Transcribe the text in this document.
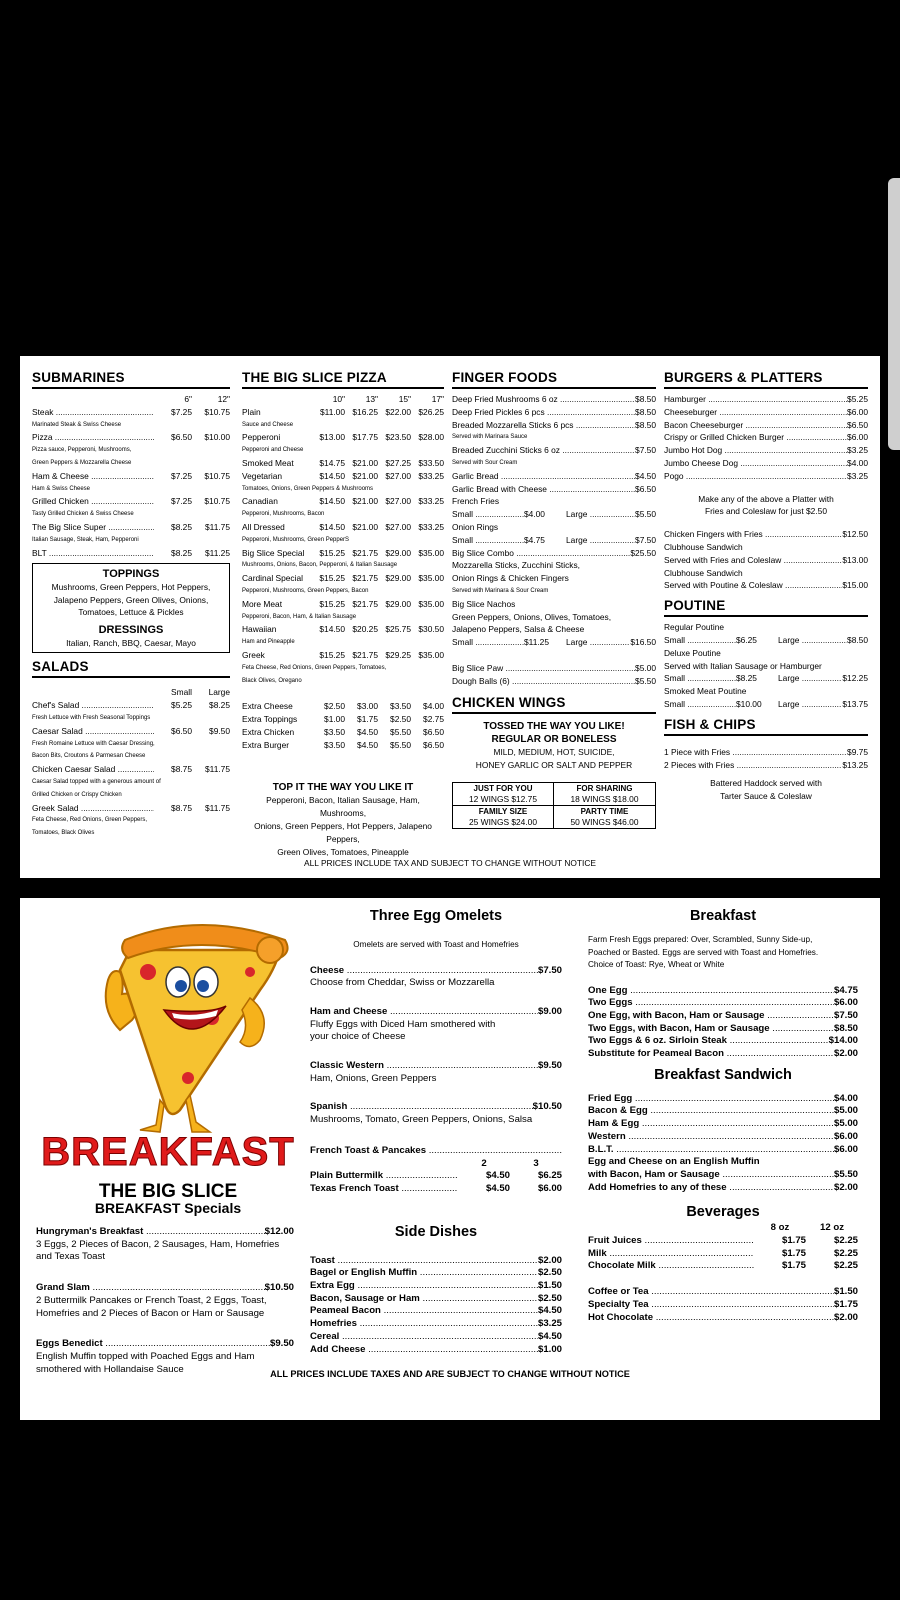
SUBMARINES
6"	12"
Steak .....	$7.25	$10.75
Marinated Steak & Swiss Cheese
Pizza .....	$6.50	$10.00
Pizza sauce, Pepperoni, Mushrooms,
Green Peppers & Mozzarella Cheese
Ham & Cheese .....	$7.25	$10.75
Ham & Swiss Cheese
Grilled Chicken .....	$7.25	$10.75
Tasty Grilled Chicken & Swiss Cheese
The Big Slice Super .....	$8.25	$11.75
Italian Sausage, Steak, Ham, Pepperoni
BLT .....	$8.25	$11.25
TOPPINGS
Mushrooms, Green Peppers, Hot Peppers,
Jalapeno Peppers, Green Olives, Onions,
Tomatoes, Lettuce & Pickles
DRESSINGS
Italian, Ranch, BBQ, Caesar, Mayo
SALADS
Small	Large
Chef's Salad .....	$5.25	$8.25
Fresh Lettuce with Fresh Seasonal Toppings
Caesar Salad .....	$6.50	$9.50
Fresh Romaine Lettuce with Caesar Dressing,
Bacon Bits, Croutons & Parmesan Cheese
Chicken Caesar Salad .....	$8.75	$11.75
Caesar Salad topped with a generous amount of
Grilled Chicken or Crispy Chicken
Greek Salad .....	$8.75	$11.75
Feta Cheese, Red Onions, Green Peppers,
Tomatoes, Black Olives
THE BIG SLICE PIZZA
10"	13"	15"	17"
Plain	$11.00 $16.25 $22.00 $26.25
Sauce and Cheese
Pepperoni	$13.00 $17.75 $23.50 $28.00
Pepperoni and Cheese
Smoked Meat	$14.75 $21.00 $27.25 $33.50
Vegetarian	$14.50 $21.00 $27.00 $33.25
Tomatoes, Onions, Green Peppers & Mushrooms
Canadian	$14.50 $21.00 $27.00 $33.25
Pepperoni, Mushrooms, Bacon
All Dressed	$14.50 $21.00 $27.00 $33.25
Pepperoni, Mushrooms, Green PepperS
Big Slice Special	$15.25 $21.75 $29.00 $35.00
Mushrooms, Onions, Bacon, Pepperoni, & Italian Sausage
Cardinal Special	$15.25 $21.75 $29.00 $35.00
Pepperoni, Mushrooms, Green Peppers, Bacon
More Meat	$15.25 $21.75 $29.00 $35.00
Pepperoni, Bacon, Ham, & Italian Sausage
Hawaiian	$14.50 $20.25 $25.75 $30.50
Ham and Pineapple
Greek	$15.25 $21.75 $29.25 $35.00
Feta Cheese, Red Onions, Green Peppers, Tomatoes,
Black Olives, Oregano
Extra Cheese	$2.50	$3.00	$3.50	$4.00
Extra Toppings	$1.00	$1.75	$2.50	$2.75
Extra Chicken	$3.50	$4.50	$5.50	$6.50
Extra Burger	$3.50	$4.50	$5.50	$6.50
TOP IT THE WAY YOU LIKE IT
Pepperoni, Bacon, Italian Sausage, Ham, Mushrooms,
Onions, Green Peppers, Hot Peppers, Jalapeno Peppers,
Green Olives, Tomatoes, Pineapple
FINGER FOODS
Deep Fried Mushrooms 6 oz .....	$8.50
Deep Fried Pickles 6 pcs .....	$8.50
Breaded Mozzarella Sticks 6 pcs .....	$8.50
Served with Marinara Sauce
Breaded Zucchini Sticks 6 oz .....	$7.50
Served with Sour Cream
Garlic Bread .....	$4.50
Garlic Bread with Cheese .....	$6.50
French Fries
Small .....	$4.00	Large .....	$5.50
Onion Rings
Small .....	$4.75	Large .....	$7.50
Big Slice Combo .....	$25.50
Mozzarella Sticks, Zucchini Sticks,
Onion Rings & Chicken Fingers
Served with Marinara & Sour Cream
Big Slice Nachos
Green Peppers, Onions, Olives, Tomatoes,
Jalapeno Peppers, Salsa & Cheese
Small .....	$11.25 Large .....	$16.50
Big Slice Paw .....	$5.00
Dough Balls (6) .....	$5.50
CHICKEN WINGS
TOSSED THE WAY YOU LIKE!
REGULAR OR BONELESS
MILD, MEDIUM, HOT, SUICIDE,
HONEY GARLIC OR SALT AND PEPPER
JUST FOR YOU	FOR SHARING
12 WINGS $12.75	18 WINGS $18.00
FAMILY SIZE	PARTY TIME
25 WINGS $24.00	50 WINGS $46.00
BURGERS & PLATTERS
Hamburger .....	$5.25
Cheeseburger .....	$6.00
Bacon Cheeseburger .....	$6.50
Crispy or Grilled Chicken Burger .....	$6.00
Jumbo Hot Dog .....	$3.25
Jumbo Cheese Dog .....	$4.00
Pogo .....	$3.25
Make any of the above a Platter with
Fries and Coleslaw for just $2.50
Chicken Fingers with Fries .....	$12.50
Clubhouse Sandwich
Served with Fries and Coleslaw .....	$13.00
Clubhouse Sandwich
Served with Poutine & Coleslaw .....	$15.00
POUTINE
Regular Poutine
Small .....	$6.25	Large .....	$8.50
Deluxe Poutine
Served with Italian Sausage or Hamburger
Small .....	$8.25	Large .....	$12.25
Smoked Meat Poutine
Small .....	$10.00 Large .....	$13.75
FISH & CHIPS
1 Piece with Fries .....	$9.75
2 Pieces with Fries .....	$13.25
Battered Haddock served with
Tarter Sauce & Coleslaw
ALL PRICES INCLUDE TAX AND SUBJECT TO CHANGE WITHOUT NOTICE
BREAKFAST
THE BIG SLICE
BREAKFAST Specials
Hungryman's Breakfast .....	$12.00
3 Eggs, 2 Pieces of Bacon, 2 Sausages, Ham, Homefries
and Texas Toast
Grand Slam .....	$10.50
2 Buttermilk Pancakes or French Toast, 2 Eggs, Toast,
Homefries and 2 Pieces of Bacon or Ham or Sausage
Eggs Benedict .....	$9.50
English Muffin topped with Poached Eggs and Ham
smothered with Hollandaise Sauce
Three Egg Omelets
Omelets are served with Toast and Homefries
Cheese .....	$7.50
Choose from Cheddar, Swiss or Mozzarella
Ham and Cheese .....	$9.00
Fluffy Eggs with Diced Ham smothered with
your choice of Cheese
Classic Western .....	$9.50
Ham, Onions, Green Peppers
Spanish .....	$10.50
Mushrooms, Tomato, Green Peppers, Onions, Salsa
French Toast & Pancakes .....
2	3
Plain Buttermilk .....	$4.50	$6.25
Texas French Toast .....	$4.50	$6.00
Side Dishes
Toast .....	$2.00
Bagel or English Muffin .....	$2.50
Extra Egg .....	$1.50
Bacon, Sausage or Ham .....	$2.50
Peameal Bacon .....	$4.50
Homefries .....	$3.25
Cereal .....	$4.50
Add Cheese .....	$1.00
Breakfast
Farm Fresh Eggs prepared: Over, Scrambled, Sunny Side-up,
Poached or Basted. Eggs are served with Toast and Homefries.
Choice of Toast: Rye, Wheat or White
One Egg .....	$4.75
Two Eggs .....	$6.00
One Egg, with Bacon, Ham or Sausage .....	$7.50
Two Eggs, with Bacon, Ham or Sausage .....	$8.50
Two Eggs & 6 oz. Sirloin Steak .....	$14.00
Substitute for Peameal Bacon .....	$2.00
Breakfast Sandwich
Fried Egg .....	$4.00
Bacon & Egg .....	$5.00
Ham & Egg .....	$5.00
Western .....	$6.00
B.L.T. .....	$6.00
Egg and Cheese on an English Muffin
with Bacon, Ham or Sausage .....	$5.50
Add Homefries to any of these .....	$2.00
Beverages
8 oz	12 oz
Fruit Juices .....	$1.75	$2.25
Milk .....	$1.75	$2.25
Chocolate Milk .....	$1.75	$2.25
Coffee or Tea .....	$1.50
Specialty Tea .....	$1.75
Hot Chocolate .....	$2.00
ALL PRICES INCLUDE TAXES AND ARE SUBJECT TO CHANGE WITHOUT NOTICE
